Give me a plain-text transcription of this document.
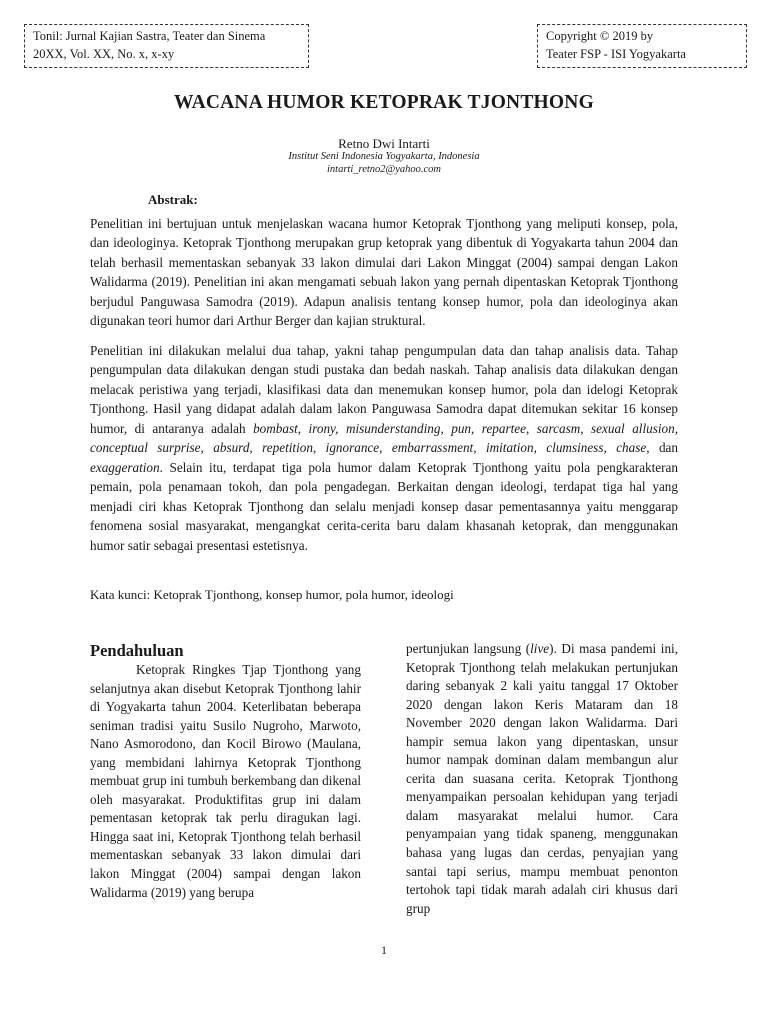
Tonil: Jurnal Kajian Sastra, Teater dan Sinema
20XX, Vol. XX, No. x, x-xy
Copyright © 2019 by
Teater FSP - ISI Yogyakarta
WACANA HUMOR KETOPRAK TJONTHONG
Retno Dwi Intarti
Institut Seni Indonesia Yogyakarta, Indonesia
intarti_retno2@yahoo.com
Abstrak:

Penelitian ini bertujuan untuk menjelaskan wacana humor Ketoprak Tjonthong yang meliputi konsep, pola, dan ideologinya. Ketoprak Tjonthong merupakan grup ketoprak yang dibentuk di Yogyakarta tahun 2004 dan telah berhasil mementaskan sebanyak 33 lakon dimulai dari Lakon Minggat (2004) sampai dengan Lakon Walidarma (2019). Penelitian ini akan mengamati sebuah lakon yang pernah dipentaskan Ketoprak Tjonthong berjudul Panguwasa Samodra (2019). Adapun analisis tentang konsep humor, pola dan ideologinya akan digunakan teori humor dari Arthur Berger dan kajian struktural.

Penelitian ini dilakukan melalui dua tahap, yakni tahap pengumpulan data dan tahap analisis data. Tahap pengumpulan data dilakukan dengan studi pustaka dan bedah naskah. Tahap analisis data dilakukan dengan melacak peristiwa yang terjadi, klasifikasi data dan menemukan konsep humor, pola dan idelogi Ketoprak Tjonthong. Hasil yang didapat adalah dalam lakon Panguwasa Samodra dapat ditemukan sekitar 16 konsep humor, di antaranya adalah bombast, irony, misunderstanding, pun, repartee, sarcasm, sexual allusion, conceptual surprise, absurd, repetition, ignorance, embarrassment, imitation, clumsiness, chase, dan exaggeration. Selain itu, terdapat tiga pola humor dalam Ketoprak Tjonthong yaitu pola pengkarakteran pemain, pola penamaan tokoh, dan pola pengadegan. Berkaitan dengan ideologi, terdapat tiga hal yang menjadi ciri khas Ketoprak Tjonthong dan selalu menjadi konsep dasar pementasannya yaitu menggarap fenomena sosial masyarakat, mengangkat cerita-cerita baru dalam khasanah ketoprak, dan menggunakan humor satir sebagai presentasi estetisnya.

Kata kunci: Ketoprak Tjonthong, konsep humor, pola humor, ideologi
Pendahuluan

Ketoprak Ringkes Tjap Tjonthong yang selanjutnya akan disebut Ketoprak Tjonthong lahir di Yogyakarta tahun 2004. Keterlibatan beberapa seniman tradisi yaitu Susilo Nugroho, Marwoto, Nano Asmorodono, dan Kocil Birowo (Maulana, yang membidani lahirnya Ketoprak Tjonthong membuat grup ini tumbuh berkembang dan dikenal oleh masyarakat. Produktifitas grup ini dalam pementasan ketoprak tak perlu diragukan lagi. Hingga saat ini, Ketoprak Tjonthong telah berhasil mementaskan sebanyak 33 lakon dimulai dari lakon Minggat (2004) sampai dengan lakon Walidarma (2019) yang berupa

pertunjukan langsung (live). Di masa pandemi ini, Ketoprak Tjonthong telah melakukan pertunjukan daring sebanyak 2 kali yaitu tanggal 17 Oktober 2020 dengan lakon Keris Mataram dan 18 November 2020 dengan lakon Walidarma. Dari hampir semua lakon yang dipentaskan, unsur humor nampak dominan dalam membangun alur cerita dan suasana cerita. Ketoprak Tjonthong menyampaikan persoalan kehidupan yang terjadi dalam masyarakat melalui humor. Cara penyampaian yang tidak spaneng, menggunakan bahasa yang lugas dan cerdas, penyajian yang santai tapi serius, mampu membuat penonton tertohok tapi tidak marah adalah ciri khusus dari grup

1
